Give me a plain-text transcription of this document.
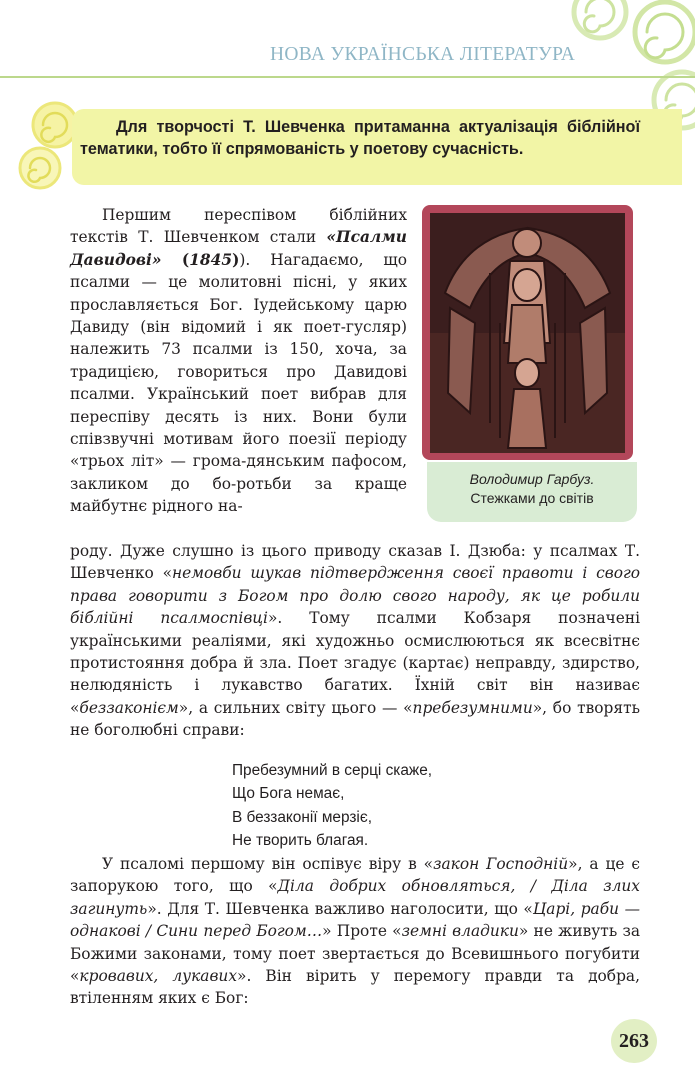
НОВА УКРАЇНСЬКА ЛІТЕРАТУРА
Для творчості Т. Шевченка притаманна актуалізація біблійної тематики, тобто її спрямованість у поетову сучасність.

Першим переспівом біблійних текстів Т. Шевченком стали «Псалми Давидові» (1845)). Нагадаємо, що псалми — це молитовні пісні, у яких прославляється Бог. Іудейському царю Давиду (він відомий і як поет-гусляр) належить 73 псалми із 150, хоча, за традицією, говориться про Давидові псалми. Український поет вибрав для переспіву десять із них. Вони були співзвучні мотивам його поезії періоду «трьох літ» — грома-дянським пафосом, закликом до бо-ротьби за краще майбутнє рідного на-

Володимир Гарбуз.
Стежками до світів

роду. Дуже слушно із цього приводу сказав І. Дзюба: у псалмах Т. Шевченко «немовби шукав підтвердження своєї правоти і свого права говорити з Богом про долю свого народу, як це робили біблійні псалмоспівці». Тому псалми Кобзаря позначені українськими реаліями, які художньо осмислюються як всесвітнє протистояння добра й зла. Поет згадує (картає) неправду, здирство, нелюдяність і лукавство багатих. Їхній світ він називає «беззаконієм», а сильних світу цього — «пребезумними», бо творять не боголюбні справи:

Пребезумний в серці скаже,
Що Бога немає,
В беззаконії мерзіє,
Не творить благая.

У псаломі першому він оспівує віру в «закон Господній», а це є запорукою того, що «Діла добрих обновляться, / Діла злих загинуть». Для Т. Шевченка важливо наголосити, що «Царі, раби — однакові / Сини перед Богом…» Проте «земні владики» не живуть за Божими законами, тому поет звертається до Всевишнього погубити «кровавих, лукавих». Він вірить у перемогу правди та добра, втіленням яких є Бог:

263
